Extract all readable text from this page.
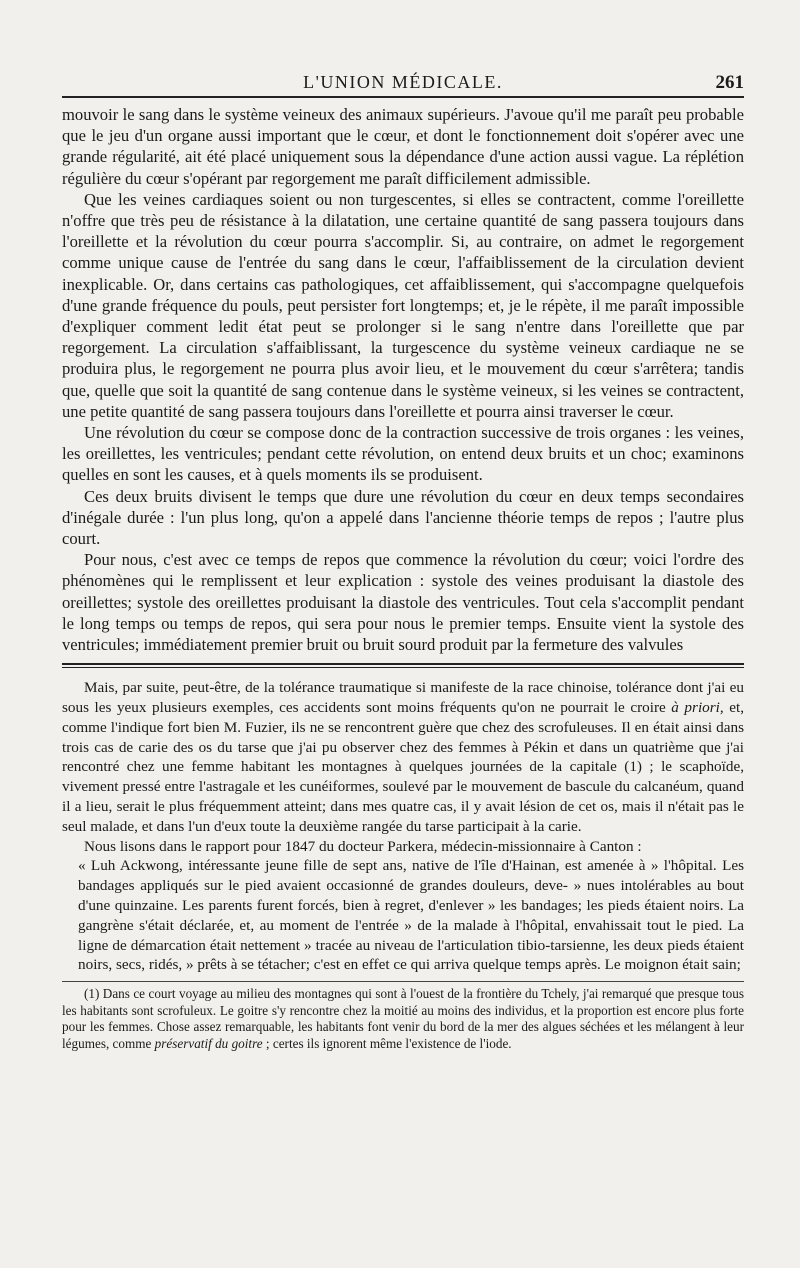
L'UNION MÉDICALE.	261

mouvoir le sang dans le système veineux des animaux supérieurs. J'avoue qu'il me paraît peu probable que le jeu d'un organe aussi important que le cœur, et dont le fonctionnement doit s'opérer avec une grande régularité, ait été placé uniquement sous la dépendance d'une action aussi vague. La réplétion régulière du cœur s'opérant par regorgement me paraît difficilement admissible.

Que les veines cardiaques soient ou non turgescentes, si elles se contractent, comme l'oreillette n'offre que très peu de résistance à la dilatation, une certaine quantité de sang passera toujours dans l'oreillette et la révolution du cœur pourra s'accomplir. Si, au contraire, on admet le regorgement comme unique cause de l'entrée du sang dans le cœur, l'affaiblissement de la circulation devient inexplicable. Or, dans certains cas pathologiques, cet affaiblissement, qui s'accompagne quelquefois d'une grande fréquence du pouls, peut persister fort longtemps; et, je le répète, il me paraît impossible d'expliquer comment ledit état peut se prolonger si le sang n'entre dans l'oreillette que par regorgement. La circulation s'affaiblissant, la turgescence du système veineux cardiaque ne se produira plus, le regorgement ne pourra plus avoir lieu, et le mouvement du cœur s'arrêtera; tandis que, quelle que soit la quantité de sang contenue dans le système veineux, si les veines se contractent, une petite quantité de sang passera toujours dans l'oreillette et pourra ainsi traverser le cœur.

Une révolution du cœur se compose donc de la contraction successive de trois organes : les veines, les oreillettes, les ventricules; pendant cette révolution, on entend deux bruits et un choc; examinons quelles en sont les causes, et à quels moments ils se produisent.

Ces deux bruits divisent le temps que dure une révolution du cœur en deux temps secondaires d'inégale durée : l'un plus long, qu'on a appelé dans l'ancienne théorie temps de repos ; l'autre plus court.

Pour nous, c'est avec ce temps de repos que commence la révolution du cœur; voici l'ordre des phénomènes qui le remplissent et leur explication : systole des veines produisant la diastole des oreillettes; systole des oreillettes produisant la diastole des ventricules. Tout cela s'accomplit pendant le long temps ou temps de repos, qui sera pour nous le premier temps. Ensuite vient la systole des ventricules; immédiatement premier bruit ou bruit sourd produit par la fermeture des valvules

Mais, par suite, peut-être, de la tolérance traumatique si manifeste de la race chinoise, tolérance dont j'ai eu sous les yeux plusieurs exemples, ces accidents sont moins fréquents qu'on ne pourrait le croire à priori, et, comme l'indique fort bien M. Fuzier, ils ne se rencontrent guère que chez des scrofuleuses. Il en était ainsi dans trois cas de carie des os du tarse que j'ai pu observer chez des femmes à Pékin et dans un quatrième que j'ai rencontré chez une femme habitant les montagnes à quelques journées de la capitale (1) ; le scaphoïde, vivement pressé entre l'astragale et les cunéiformes, soulevé par le mouvement de bascule du calcanéum, quand il a lieu, serait le plus fréquemment atteint; dans mes quatre cas, il y avait lésion de cet os, mais il n'était pas le seul malade, et dans l'un d'eux toute la deuxième rangée du tarse participait à la carie.

Nous lisons dans le rapport pour 1847 du docteur Parkera, médecin-missionnaire à Canton :

« Luh Ackwong, intéressante jeune fille de sept ans, native de l'île d'Hainan, est amenée à » l'hôpital. Les bandages appliqués sur le pied avaient occasionné de grandes douleurs, deve- » nues intolérables au bout d'une quinzaine. Les parents furent forcés, bien à regret, d'enlever » les bandages; les pieds étaient noirs. La gangrène s'était déclarée, et, au moment de l'entrée » de la malade à l'hôpital, envahissait tout le pied. La ligne de démarcation était nettement » tracée au niveau de l'articulation tibio-tarsienne, les deux pieds étaient noirs, secs, ridés, » prêts à se tétacher; c'est en effet ce qui arriva quelque temps après. Le moignon était sain;

(1) Dans ce court voyage au milieu des montagnes qui sont à l'ouest de la frontière du Tchely, j'ai remarqué que presque tous les habitants sont scrofuleux. Le goitre s'y rencontre chez la moitié au moins des individus, et la proportion est encore plus forte pour les femmes. Chose assez remarquable, les habitants font venir du bord de la mer des algues séchées et les mélangent à leur légumes, comme préservatif du goitre ; certes ils ignorent même l'existence de l'iode.
